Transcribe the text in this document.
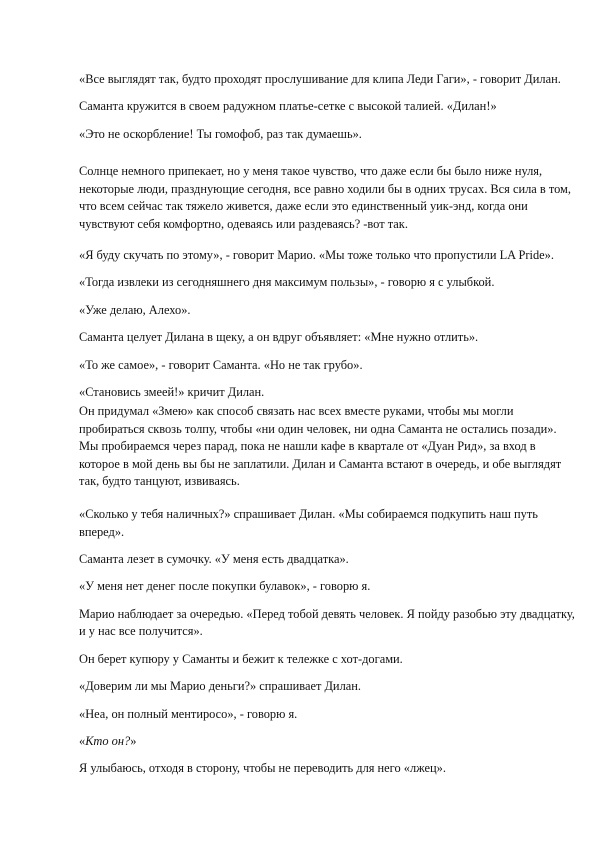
«Все выглядят так, будто проходят прослушивание для клипа Леди Гаги», - говорит Дилан.
Саманта кружится в своем радужном платье-сетке с высокой талией. «Дилан!»
«Это не оскорбление! Ты гомофоб, раз так думаешь».
Солнце немного припекает, но у меня такое чувство, что даже если бы было ниже нуля,
некоторые люди, празднующие сегодня, все равно ходили бы в одних трусах. Вся сила в том,
что всем сейчас так тяжело живется, даже если это единственный уик-энд, когда они
чувствуют себя комфортно, одеваясь или раздеваясь? -вот так.
«Я буду скучать по этому», - говорит Марио. «Мы тоже только что пропустили LA Pride».
«Тогда извлеки из сегодняшнего дня максимум пользы», - говорю я с улыбкой.
«Уже делаю, Алехо».
Саманта целует Дилана в щеку, а он вдруг объявляет: «Мне нужно отлить».
«То же самое», - говорит Саманта. «Но не так грубо».
«Становись змеей!» кричит Дилан.
Он придумал «Змею» как способ связать нас всех вместе руками, чтобы мы могли
пробираться сквозь толпу, чтобы «ни один человек, ни одна Саманта не остались позади».
Мы пробираемся через парад, пока не нашли кафе в квартале от «Дуан Рид», за вход в
которое в мой день вы бы не заплатили. Дилан и Саманта встают в очередь, и обе выглядят
так, будто танцуют, извиваясь.
«Сколько у тебя наличных?» спрашивает Дилан. «Мы собираемся подкупить наш путь
вперед».
Саманта лезет в сумочку. «У меня есть двадцатка».
«У меня нет денег после покупки булавок», - говорю я.
Марио наблюдает за очередью. «Перед тобой девять человек. Я пойду разобью эту двадцатку,
и у нас все получится».
Он берет купюру у Саманты и бежит к тележке с хот-догами.
«Доверим ли мы Марио деньги?» спрашивает Дилан.
«Неа, он полный ментиросо», - говорю я.
«Кто он?»
Я улыбаюсь, отходя в сторону, чтобы не переводить для него «лжец».
